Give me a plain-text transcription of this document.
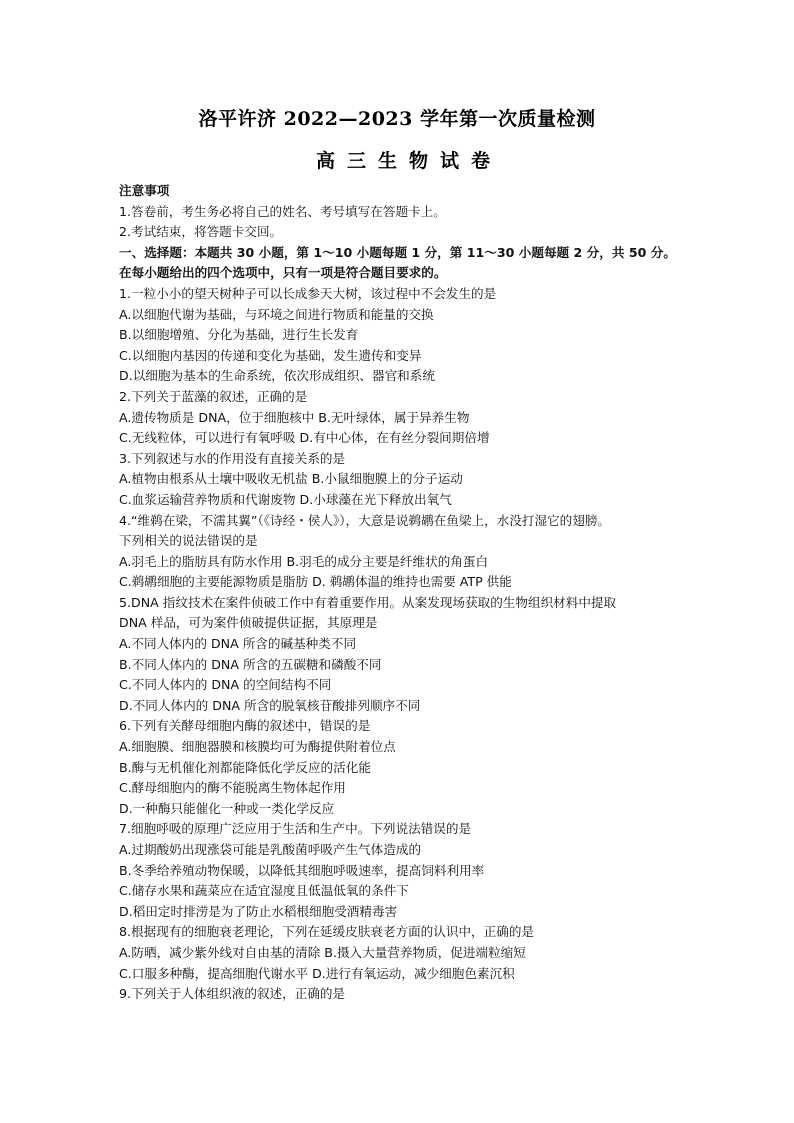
洛平许济 2022—2023 学年第一次质量检测
高三生物试卷
注意事项
1.答卷前，考生务必将自己的姓名、考号填写在答题卡上。
2.考试结束，将答题卡交回。
一、选择题：本题共 30 小题，第 1～10 小题每题 1 分，第 11～30 小题每题 2 分，共 50 分。
在每小题给出的四个选项中，只有一项是符合题目要求的。
1.一粒小小的望天树种子可以长成参天大树，该过程中不会发生的是
A.以细胞代谢为基础，与环境之间进行物质和能量的交换
B.以细胞增殖、分化为基础，进行生长发育
C.以细胞内基因的传递和变化为基础，发生遗传和变异
D.以细胞为基本的生命系统，依次形成组织、器官和系统
2.下列关于蓝藻的叙述，正确的是
A.遗传物质是 DNA，位于细胞核中 B.无叶绿体，属于异养生物
C.无线粒体，可以进行有氧呼吸 D.有中心体，在有丝分裂间期倍增
3.下列叙述与水的作用没有直接关系的是
A.植物由根系从土壤中吸收无机盐 B.小鼠细胞膜上的分子运动
C.血浆运输营养物质和代谢废物 D.小球藻在光下释放出氧气
4.“维鹈在梁，不濡其翼”（《诗经・侯人》），大意是说鹈鹕在鱼梁上，水没打湿它的翅膀。
下列相关的说法错误的是
A.羽毛上的脂肪具有防水作用 B.羽毛的成分主要是纤维状的角蛋白
C.鹈鹕细胞的主要能源物质是脂肪 D. 鹈鹕体温的维持也需要 ATP 供能
5.DNA 指纹技术在案件侦破工作中有着重要作用。从案发现场获取的生物组织材料中提取
DNA 样品，可为案件侦破提供证据，其原理是
A.不同人体内的 DNA 所含的碱基种类不同
B.不同人体内的 DNA 所含的五碳糖和磷酸不同
C.不同人体内的 DNA 的空间结构不同
D.不同人体内的 DNA 所含的脱氧核苷酸排列顺序不同
6.下列有关酵母细胞内酶的叙述中，错误的是
A.细胞膜、细胞器膜和核膜均可为酶提供附着位点
B.酶与无机催化剂都能降低化学反应的活化能
C.酵母细胞内的酶不能脱离生物体起作用
D.一种酶只能催化一种或一类化学反应
7.细胞呼吸的原理广泛应用于生活和生产中。下列说法错误的是
A.过期酸奶出现涨袋可能是乳酸菌呼吸产生气体造成的
B.冬季给养殖动物保暖，以降低其细胞呼吸速率，提高饲料利用率
C.储存水果和蔬菜应在适宜湿度且低温低氧的条件下
D.稻田定时排涝是为了防止水稻根细胞受酒精毒害
8.根据现有的细胞衰老理论，下列在延缓皮肤衰老方面的认识中，正确的是
A.防晒，减少紫外线对自由基的清除 B.摄入大量营养物质，促进端粒缩短
C.口服多种酶，提高细胞代谢水平 D.进行有氧运动，减少细胞色素沉积
9.下列关于人体组织液的叙述，正确的是
